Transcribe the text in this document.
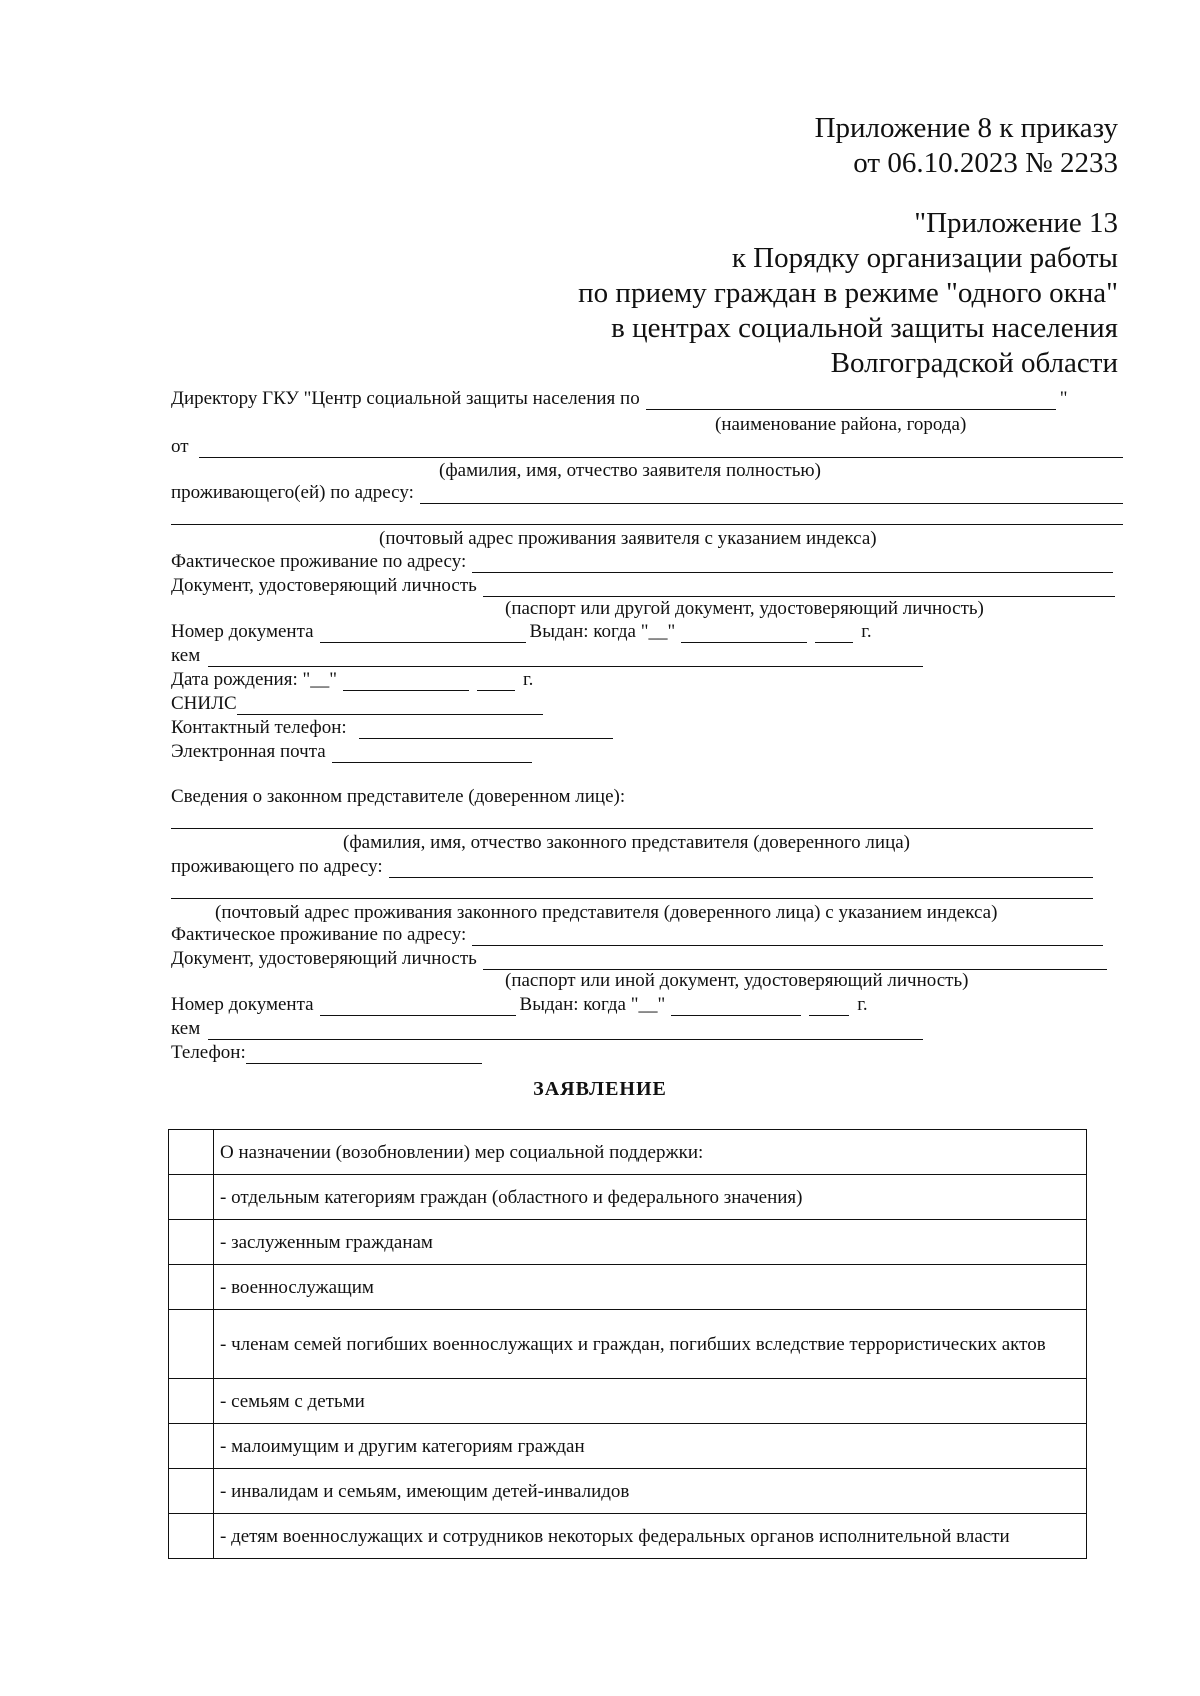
Приложение 8 к приказу
от 06.10.2023 № 2233
"Приложение 13
к Порядку организации работы
по приему граждан в режиме "одного окна"
в центрах социальной защиты населения
Волгоградской области
Директору ГКУ "Центр социальной защиты населения по	"
(наименование района, города)
от
(фамилия, имя, отчество заявителя полностью)
проживающего(ей) по адресу:
(почтовый адрес проживания заявителя с указанием индекса)
Фактическое проживание по адресу:
Документ, удостоверяющий личность
(паспорт или другой документ, удостоверяющий личность)
Номер документа	Выдан: когда "__"	г.
кем
Дата рождения: "__"	г.
СНИЛС
Контактный телефон:
Электронная почта
Сведения о законном представителе (доверенном лице):
(фамилия, имя, отчество законного представителя (доверенного лица)
проживающего по адресу:
(почтовый адрес проживания законного представителя (доверенного лица) с указанием индекса)
Фактическое проживание по адресу:
Документ, удостоверяющий личность
(паспорт или иной документ, удостоверяющий личность)
Номер документа	Выдан: когда "__"	г.
кем
Телефон:
ЗАЯВЛЕНИЕ
	О назначении (возобновлении) мер социальной поддержки:
	- отдельным категориям граждан (областного и федерального значения)
	- заслуженным гражданам
	- военнослужащим
	- членам семей погибших военнослужащих и граждан, погибших вследствие террористических актов
	- семьям с детьми
	- малоимущим и другим категориям граждан
	- инвалидам и семьям, имеющим детей-инвалидов
	- детям военнослужащих и сотрудников некоторых федеральных органов исполнительной власти
